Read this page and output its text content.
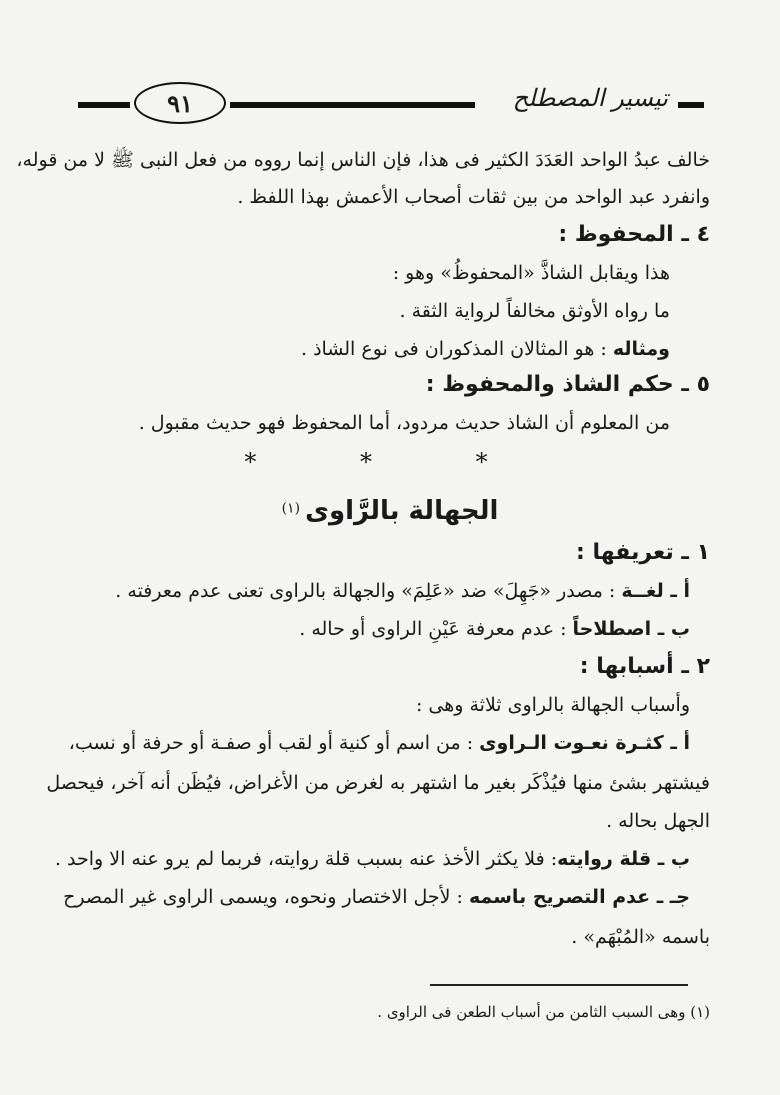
٩١	تيسير المصطلح
خالف عبدُ الواحد العَدَدَ الكثير فى هذا، فإن الناس إنما رووه من فعل النبى ﷺ لا من قوله،
وانفرد عبد الواحد من بين ثقات أصحاب الأعمش بهذا اللفظ .
٤ ـ المحفوظ :
هذا ويقابل الشاذَّ «المحفوظُ» وهو :
ما رواه الأوثق مخالفاً لرواية الثقة .
ومثاله : هو المثالان المذكوران فى نوع الشاذ .
٥ ـ حكم الشاذ والمحفوظ :
من المعلوم أن الشاذ حديث مردود، أما المحفوظ فهو حديث مقبول .
* * *
الجهالة بالرَّاوى (١)
١ ـ تعريفها :
أ ـ لغــة : مصدر «جَهِلَ» ضد «عَلِمَ» والجهالة بالراوى تعنى عدم معرفته .
ب ـ اصطلاحاً : عدم معرفة عَيْنِ الراوى أو حاله .
٢ ـ أسبابها :
وأسباب الجهالة بالراوى ثلاثة وهى :
أ ـ كثـرة نعـوت الـراوى : من اسم أو كنية أو لقب أو صفـة أو حرفة أو نسب،
فيشتهر بشئ منها فيُذْكَر بغير ما اشتهر به لغرض من الأغراض، فيُظَن أنه آخر، فيحصل
الجهل بحاله .
ب ـ قلة روايته: فلا يكثر الأخذ عنه بسبب قلة روايته، فربما لم يرو عنه الا واحد .
جـ ـ عدم التصريح باسمه : لأجل الاختصار ونحوه، ويسمى الراوى غير المصرح
باسمه «المُبْهَم» .
(١) وهى السبب الثامن من أسباب الطعن فى الراوى .
